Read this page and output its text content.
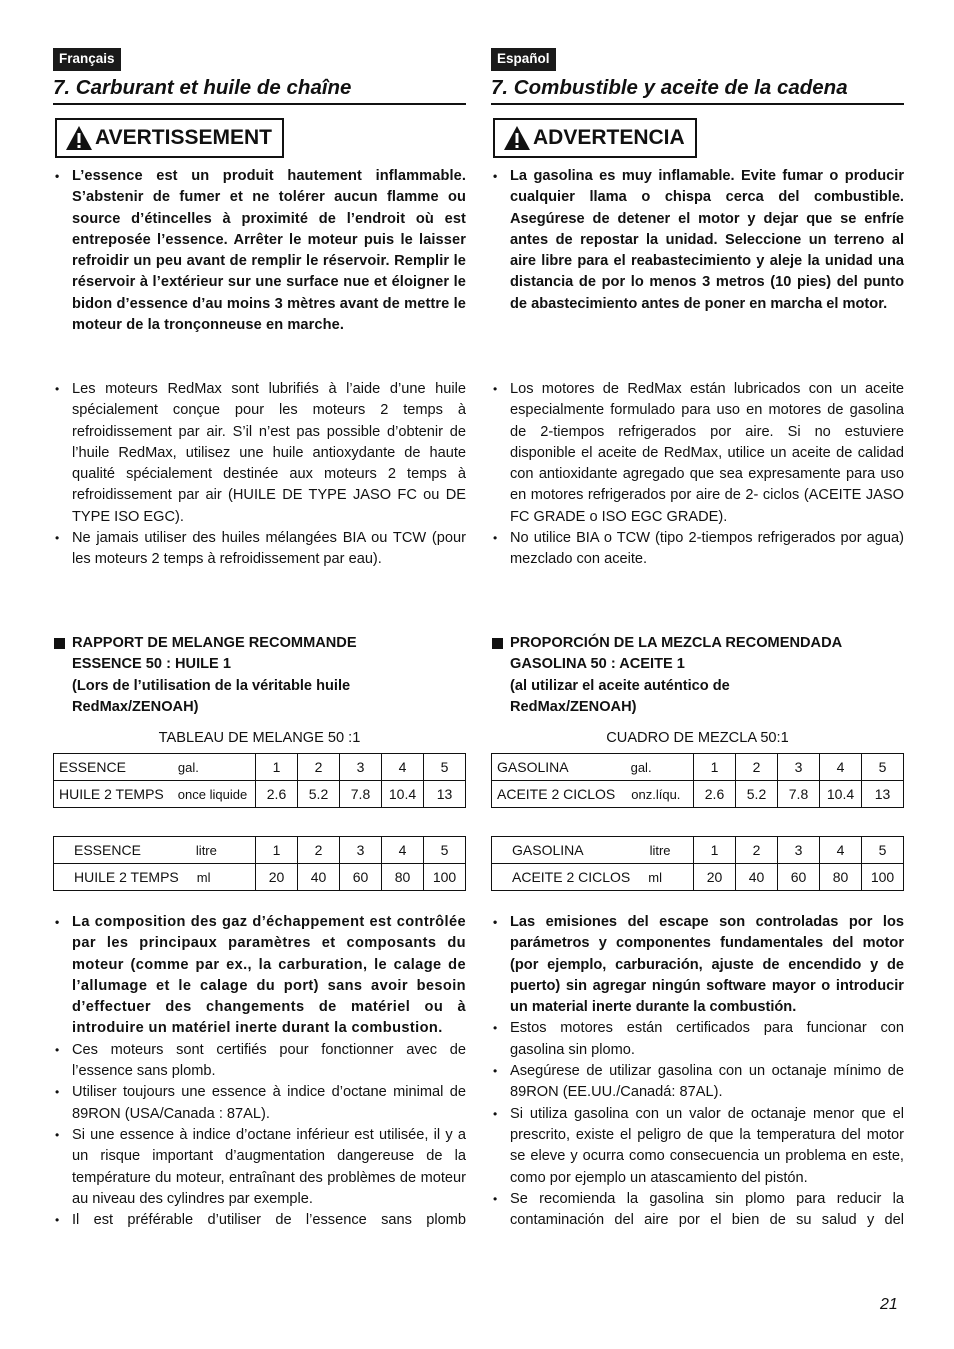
Français
7. Carburant et huile de chaîne
AVERTISSEMENT
• L’essence est un produit hautement inflammable. S’abstenir de fumer et ne tolérer aucun flamme ou source d’étincelles à proximité de l’endroit où est entreposée l’essence. Arrêter le moteur puis le laisser refroidir un peu avant de remplir le réservoir. Remplir le réservoir à l’extérieur sur une surface nue et éloigner le bidon d’essence d’au moins 3 mètres avant de mettre le moteur de la tronçonneuse en marche.
• Les moteurs RedMax sont lubrifiés à l’aide d’une huile spécialement conçue pour les moteurs 2 temps à refroidissement par air. S’il n’est pas possible d’obtenir de l’huile RedMax, utilisez une huile antioxydante de haute qualité spécialement destinée aux moteurs 2 temps à refroidissement par air (HUILE DE TYPE JASO FC ou DE TYPE ISO EGC).
• Ne jamais utiliser des huiles mélangées BIA ou TCW (pour les moteurs 2 temps à refroidissement par eau).
RAPPORT DE MELANGE RECOMMANDE
ESSENCE 50 : HUILE 1
(Lors de l’utilisation de la véritable huile
RedMax/ZENOAH)
TABLEAU DE MELANGE 50 :1
ESSENCE gal.	1	2	3	4	5
HUILE 2 TEMPS once liquide	2.6	5.2	7.8	10.4	13
ESSENCE litre	1	2	3	4	5
HUILE 2 TEMPS ml	20	40	60	80	100
• La composition des gaz d’échappement est contrôlée par les principaux paramètres et composants du moteur (comme par ex., la carburation, le calage de l’allumage et le calage du port) sans avoir besoin d’effectuer des changements de matériel ou à introduire un matériel inerte durant la combustion.
• Ces moteurs sont certifiés pour fonctionner avec de l’essence sans plomb.
• Utiliser toujours une essence à indice d’octane minimal de 89RON (USA/Canada : 87AL).
• Si une essence à indice d’octane inférieur est utilisée, il y a un risque important d’augmentation dangereuse de la température du moteur, entraînant des problèmes de moteur au niveau des cylindres par exemple.
• Il est préférable d’utiliser de l’essence sans plomb
Español
7. Combustible y aceite de la cadena
ADVERTENCIA
• La gasolina es muy inflamable. Evite fumar o producir cualquier llama o chispa cerca del combustible. Asegúrese de detener el motor y dejar que se enfríe antes de repostar la unidad. Seleccione un terreno al aire libre para el reabastecimiento y aleje la unidad una distancia de por lo menos 3 metros (10 pies) del punto de abastecimiento antes de poner en marcha el motor.
• Los motores de RedMax están lubricados con un aceite especialmente formulado para uso en motores de gasolina de 2-tiempos refrigerados por aire. Si no estuviere disponible el aceite de RedMax, utilice un aceite de calidad con antioxidante agregado que sea expresamente para uso en motores refrigerados por aire de 2- ciclos (ACEITE JASO FC GRADE o ISO EGC GRADE).
• No utilice BIA o TCW (tipo 2-tiempos refrigerados por agua) mezclado con aceite.
PROPORCIÓN DE LA MEZCLA RECOMENDADA
GASOLINA 50 : ACEITE 1
(al utilizar el aceite auténtico de
RedMax/ZENOAH)
CUADRO DE MEZCLA 50:1
GASOLINA gal.	1	2	3	4	5
ACEITE 2 CICLOS onz.líqu.	2.6	5.2	7.8	10.4	13
GASOLINA litre	1	2	3	4	5
ACEITE 2 CICLOS ml	20	40	60	80	100
• Las emisiones del escape son controladas por los parámetros y componentes fundamentales del motor (por ejemplo, carburación, ajuste de encendido y de puerto) sin agregar ningún software mayor o introducir un material inerte durante la combustión.
• Estos motores están certificados para funcionar con gasolina sin plomo.
• Asegúrese de utilizar gasolina con un octanaje mínimo de 89RON (EE.UU./Canadá: 87AL).
• Si utiliza gasolina con un valor de octanaje menor que el prescrito, existe el peligro de que la temperatura del motor se eleve y ocurra como consecuencia un problema en este, como por ejemplo un atascamiento del pistón.
• Se recomienda la gasolina sin plomo para reducir la contaminación del aire por el bien de su salud y del
21
